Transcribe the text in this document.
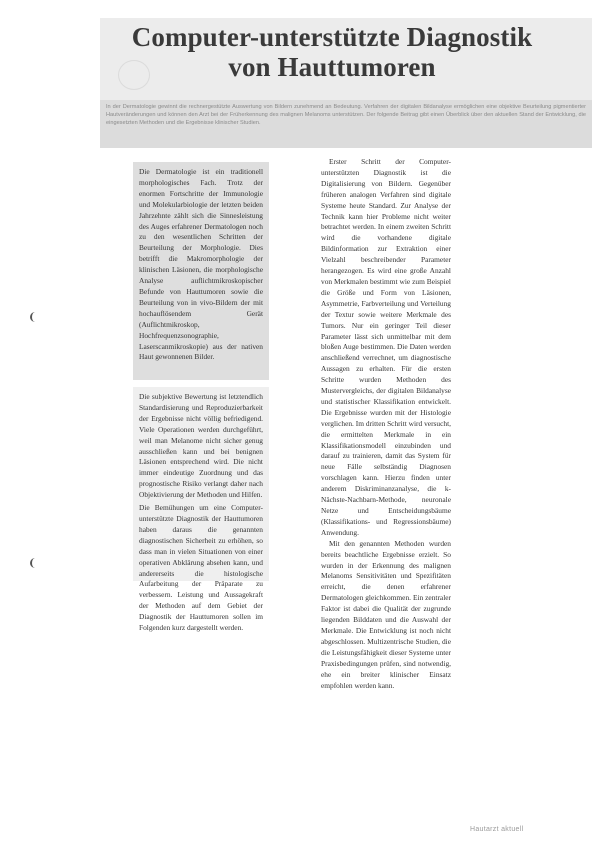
Computer-unterstützte Diagnostik
von Hauttumoren
In der Dermatologie gewinnt die rechnergestützte Auswertung von Bildern zunehmend an Bedeutung. Verfahren der digitalen Bildanalyse ermöglichen eine objektive Beurteilung pigmentierter Hautveränderungen und können den Arzt bei der Früherkennung des malignen Melanoms unterstützen. Der folgende Beitrag gibt einen Überblick über den aktuellen Stand der Entwicklung, die eingesetzten Methoden und die Ergebnisse klinischer Studien.
Die Dermatologie ist ein traditionell morphologisches Fach. Trotz der enormen Fortschritte der Immunologie und Molekularbiologie der letzten beiden Jahrzehnte zählt sich die Sinnesleistung des Auges erfahrener Dermatologen noch zu den wesentlichen Schritten der Beurteilung der Morphologie. Dies betrifft die Makromorphologie der klinischen Läsionen, die morphologische Analyse auflichtmikroskopischer Befunde von Hauttumoren sowie die Beurteilung von in vivo-Bildern der mit hochauflösendem Gerät (Auflichtmikroskop, Hochfrequenzsonographie, Laserscanmikroskopie) aus der nativen Haut gewonnenen Bilder.

Die subjektive Bewertung ist letztendlich Standardisierung und Reproduzierbarkeit der Ergebnisse nicht völlig befriedigend. Viele Operationen werden durchgeführt, weil man Melanome nicht sicher genug ausschließen kann und bei benignen Läsionen entsprechend wird. Die nicht immer eindeutige Zuordnung und das prognostische Risiko verlangt daher nach Objektivierung der Methoden und Hilfen.

Die Bemühungen um eine Computer-unterstützte Diagnostik der Hauttumoren haben daraus die genannten diagnostischen Sicherheit zu erhöhen, so dass man in vielen Situationen von einer operativen Abklärung absehen kann, und andererseits die histologische Aufarbeitung der Präparate zu verbessern. Leistung und Aussagekraft der Methoden auf dem Gebiet der Diagnostik der Hauttumoren sollen im Folgenden kurz dargestellt werden.

Erster Schritt der Computer-unterstützten Diagnostik ist die Digitalisierung von Bildern. Gegenüber früheren analogen Verfahren sind digitale Systeme heute Standard. Zur Analyse der Technik kann hier Probleme nicht weiter betrachtet werden. In einem zweiten Schritt wird die vorhandene digitale Bildinformation zur Extraktion einer Vielzahl beschreibender Parameter herangezogen. Es wird eine große Anzahl von Merkmalen bestimmt wie zum Beispiel die Größe und Form von Läsionen, Asymmetrie, Farbverteilung und Verteilung der Textur sowie weitere Merkmale des Tumors. Nur ein geringer Teil dieser Parameter lässt sich unmittelbar mit dem bloßen Auge bestimmen. Die Daten werden anschließend verrechnet, um diagnostische Aussagen zu erhalten. Für die ersten Schritte wurden Methoden des Mustervergleichs, der digitalen Bildanalyse und statistischer Klassifikation entwickelt. Die Ergebnisse wurden mit der Histologie verglichen. Im dritten Schritt wird versucht, die ermittelten Merkmale in ein Klassifikationsmodell einzubinden und darauf zu trainieren, damit das System für neue Fälle selbständig Diagnosen vorschlagen kann. Hierzu finden unter anderem Diskriminanzanalyse, die k-Nächste-Nachbarn-Methode, neuronale Netze und Entscheidungsbäume (Klassifikations- und Regressionsbäume) Anwendung.

Mit den genannten Methoden wurden bereits beachtliche Ergebnisse erzielt. So wurden in der Erkennung des malignen Melanoms Sensitivitäten und Spezifitäten erreicht, die denen erfahrener Dermatologen gleichkommen. Ein zentraler Faktor ist dabei die Qualität der zugrunde liegenden Bilddaten und die Auswahl der Merkmale. Die Entwicklung ist noch nicht abgeschlossen. Multizentrische Studien, die die Leistungsfähigkeit dieser Systeme unter Praxisbedingungen prüfen, sind notwendig, ehe ein breiter klinischer Einsatz empfohlen werden kann.

Hautarzt aktuell
